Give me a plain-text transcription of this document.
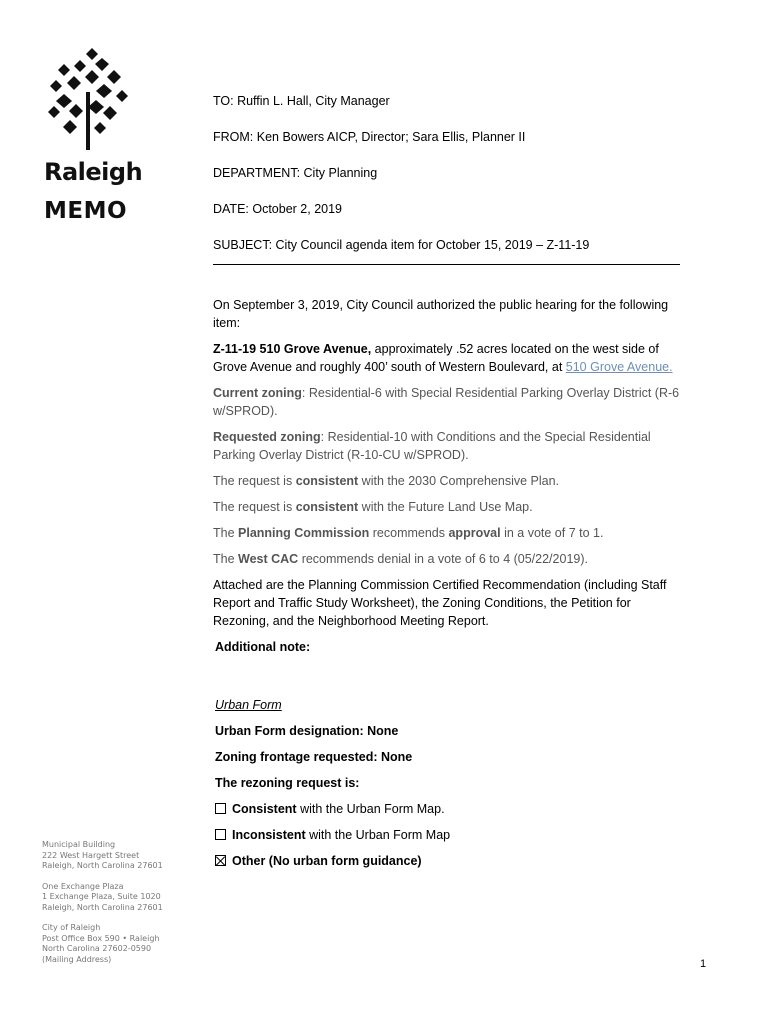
Raleigh
MEMO
TO: Ruffin L. Hall, City Manager
FROM: Ken Bowers AICP, Director; Sara Ellis, Planner II
DEPARTMENT: City Planning
DATE: October 2, 2019
SUBJECT: City Council agenda item for October 15, 2019 – Z-11-19

On September 3, 2019, City Council authorized the public hearing for the following item:

Z-11-19 510 Grove Avenue, approximately .52 acres located on the west side of Grove Avenue and roughly 400’ south of Western Boulevard, at 510 Grove Avenue.

Current zoning: Residential-6 with Special Residential Parking Overlay District (R-6 w/SPROD).

Requested zoning: Residential-10 with Conditions and the Special Residential Parking Overlay District (R-10-CU w/SPROD).

The request is consistent with the 2030 Comprehensive Plan.

The request is consistent with the Future Land Use Map.

The Planning Commission recommends approval in a vote of 7 to 1.

The West CAC recommends denial in a vote of 6 to 4 (05/22/2019).

Attached are the Planning Commission Certified Recommendation (including Staff Report and Traffic Study Worksheet), the Zoning Conditions, the Petition for Rezoning, and the Neighborhood Meeting Report.

Additional note:

Urban Form

Urban Form designation: None

Zoning frontage requested: None

The rezoning request is:

Consistent with the Urban Form Map.

Inconsistent with the Urban Form Map

Other (No urban form guidance)

Municipal Building
222 West Hargett Street
Raleigh, North Carolina 27601
One Exchange Plaza
1 Exchange Plaza, Suite 1020
Raleigh, North Carolina 27601
City of Raleigh
Post Office Box 590 • Raleigh
North Carolina 27602-0590
(Mailing Address)	1
